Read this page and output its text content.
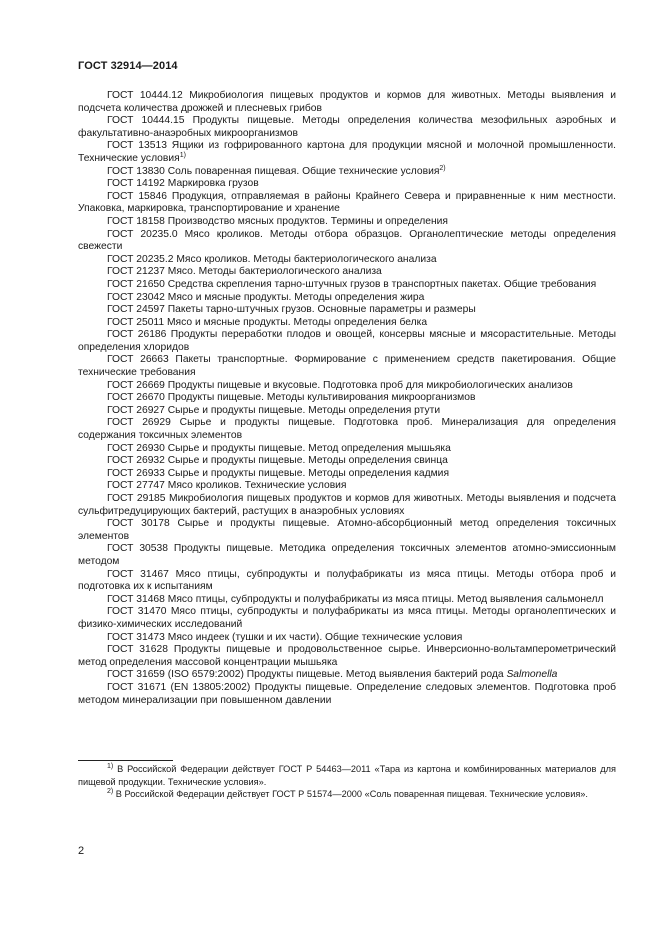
ГОСТ 32914—2014

ГОСТ 10444.12 Микробиология пищевых продуктов и кормов для животных. Методы выявления и подсчета количества дрожжей и плесневых грибов

ГОСТ 10444.15 Продукты пищевые. Методы определения количества мезофильных аэробных и факультативно-анаэробных микроорганизмов

ГОСТ 13513 Ящики из гофрированного картона для продукции мясной и молочной промышленности. Технические условия$^{1)}$

ГОСТ 13830 Соль поваренная пищевая. Общие технические условия$^{2)}$

ГОСТ 14192 Маркировка грузов

ГОСТ 15846 Продукция, отправляемая в районы Крайнего Севера и приравненные к ним местности. Упаковка, маркировка, транспортирование и хранение

ГОСТ 18158 Производство мясных продуктов. Термины и определения

ГОСТ 20235.0 Мясо кроликов. Методы отбора образцов. Органолептические методы определения свежести

ГОСТ 20235.2 Мясо кроликов. Методы бактериологического анализа

ГОСТ 21237 Мясо. Методы бактериологического анализа

ГОСТ 21650 Средства скрепления тарно-штучных грузов в транспортных пакетах. Общие требования

ГОСТ 23042 Мясо и мясные продукты. Методы определения жира

ГОСТ 24597 Пакеты тарно-штучных грузов. Основные параметры и размеры

ГОСТ 25011 Мясо и мясные продукты. Методы определения белка

ГОСТ 26186 Продукты переработки плодов и овощей, консервы мясные и мясорастительные. Методы определения хлоридов

ГОСТ 26663 Пакеты транспортные. Формирование с применением средств пакетирования. Общие технические требования

ГОСТ 26669 Продукты пищевые и вкусовые. Подготовка проб для микробиологических анализов

ГОСТ 26670 Продукты пищевые. Методы культивирования микроорганизмов

ГОСТ 26927 Сырье и продукты пищевые. Методы определения ртути

ГОСТ 26929 Сырье и продукты пищевые. Подготовка проб. Минерализация для определения содержания токсичных элементов

ГОСТ 26930 Сырье и продукты пищевые. Метод определения мышьяка

ГОСТ 26932 Сырье и продукты пищевые. Методы определения свинца

ГОСТ 26933 Сырье и продукты пищевые. Методы определения кадмия

ГОСТ 27747 Мясо кроликов. Технические условия

ГОСТ 29185 Микробиология пищевых продуктов и кормов для животных. Методы выявления и подсчета сульфитредуцирующих бактерий, растущих в анаэробных условиях

ГОСТ 30178 Сырье и продукты пищевые. Атомно-абсорбционный метод определения токсичных элементов

ГОСТ 30538 Продукты пищевые. Методика определения токсичных элементов атомно-эмиссионным методом

ГОСТ 31467 Мясо птицы, субпродукты и полуфабрикаты из мяса птицы. Методы отбора проб и подготовка их к испытаниям

ГОСТ 31468 Мясо птицы, субпродукты и полуфабрикаты из мяса птицы. Метод выявления сальмонелл

ГОСТ 31470 Мясо птицы, субпродукты и полуфабрикаты из мяса птицы. Методы органолептических и физико-химических исследований

ГОСТ 31473 Мясо индеек (тушки и их части). Общие технические условия

ГОСТ 31628 Продукты пищевые и продовольственное сырье. Инверсионно-вольтамперометрический метод определения массовой концентрации мышьяка

ГОСТ 31659 (ISO 6579:2002) Продукты пищевые. Метод выявления бактерий рода Salmonella

ГОСТ 31671 (EN 13805:2002) Продукты пищевые. Определение следовых элементов. Подготовка проб методом минерализации при повышенном давлении

$^{1)}$ В Российской Федерации действует ГОСТ Р 54463—2011 «Тара из картона и комбинированных материалов для пищевой продукции. Технические условия».

$^{2)}$ В Российской Федерации действует ГОСТ Р 51574—2000 «Соль поваренная пищевая. Технические условия».

2
